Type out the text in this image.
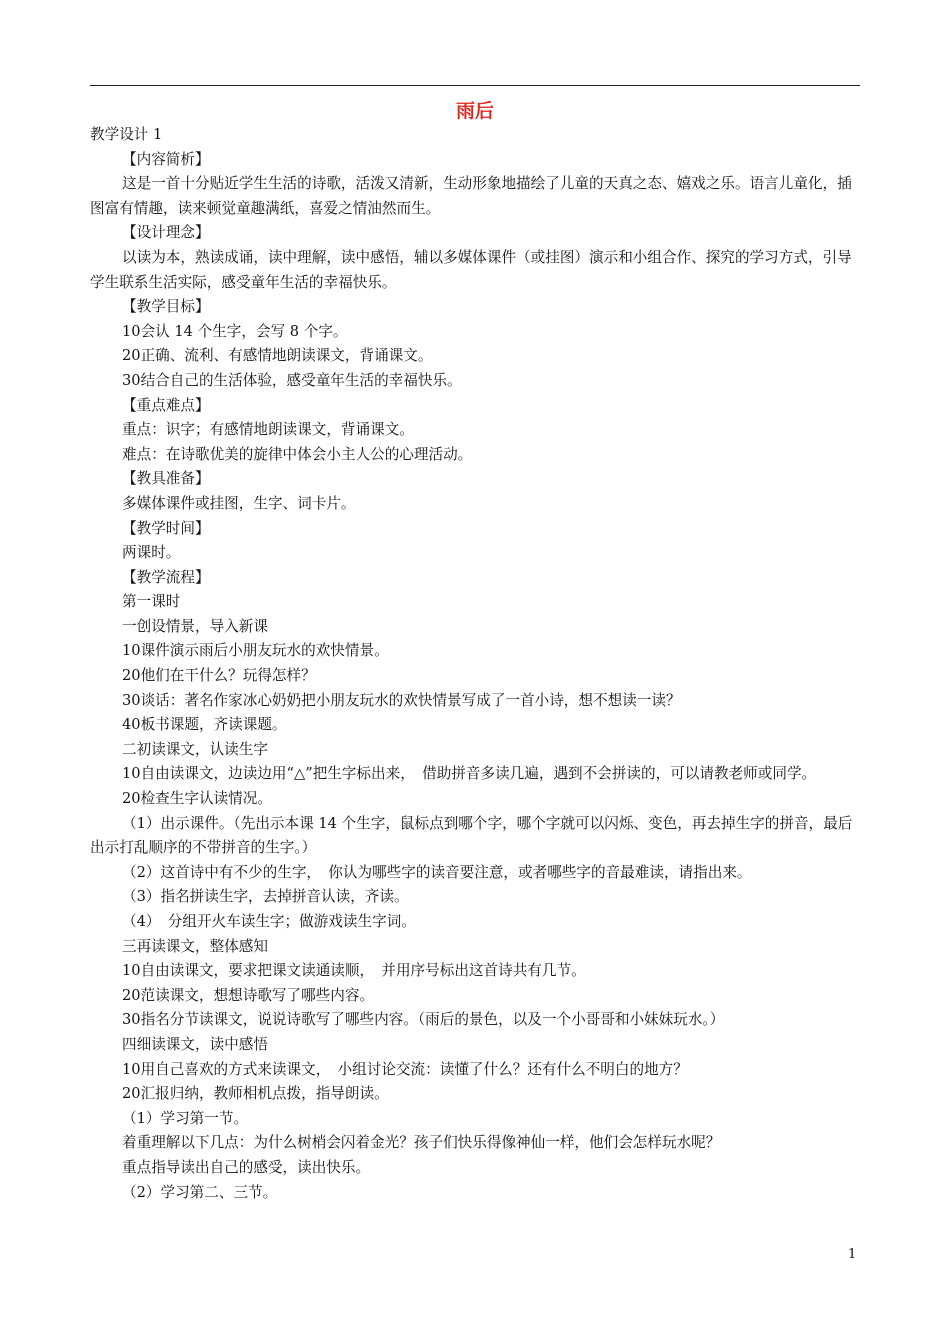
雨后

教学设计 1

【内容简析】

这是一首十分贴近学生生活的诗歌，活泼又清新，生动形象地描绘了儿童的天真之态、嬉戏之乐。语言儿童化，插图富有情趣，读来顿觉童趣满纸，喜爱之情油然而生。

【设计理念】

以读为本，熟读成诵，读中理解，读中感悟，辅以多媒体课件（或挂图）演示和小组合作、探究的学习方式，引导学生联系生活实际，感受童年生活的幸福快乐。

【教学目标】

10会认 14 个生字，会写 8 个字。

20正确、流利、有感情地朗读课文，背诵课文。

30结合自己的生活体验，感受童年生活的幸福快乐。

【重点难点】

重点：识字；有感情地朗读课文，背诵课文。

难点：在诗歌优美的旋律中体会小主人公的心理活动。

【教具准备】

多媒体课件或挂图，生字、词卡片。

【教学时间】

两课时。

【教学流程】

第一课时

一创设情景，导入新课

10课件演示雨后小朋友玩水的欢快情景。

20他们在干什么？玩得怎样？

30谈话：著名作家冰心奶奶把小朋友玩水的欢快情景写成了一首小诗，想不想读一读？

40板书课题，齐读课题。

二初读课文，认读生字

10自由读课文，边读边用“△”把生字标出来，　借助拼音多读几遍，遇到不会拼读的，可以请教老师或同学。

20检查生字认读情况。

（1）出示课件。（先出示本课 14 个生字，鼠标点到哪个字，哪个字就可以闪烁、变色，再去掉生字的拼音，最后出示打乱顺序的不带拼音的生字。）

（2）这首诗中有不少的生字，　你认为哪些字的读音要注意，或者哪些字的音最难读，请指出来。

（3）指名拼读生字，去掉拼音认读，齐读。

（4）　分组开火车读生字；做游戏读生字词。

三再读课文，整体感知

10自由读课文，要求把课文读通读顺，　并用序号标出这首诗共有几节。

20范读课文，想想诗歌写了哪些内容。

30指名分节读课文，说说诗歌写了哪些内容。（雨后的景色，以及一个小哥哥和小妹妹玩水。）

四细读课文，读中感悟

10用自己喜欢的方式来读课文，　小组讨论交流：读懂了什么？还有什么不明白的地方？

20汇报归纳，教师相机点拨，指导朗读。

（1）学习第一节。

着重理解以下几点：为什么树梢会闪着金光？孩子们快乐得像神仙一样，他们会怎样玩水呢？

重点指导读出自己的感受，读出快乐。

（2）学习第二、三节。

1
